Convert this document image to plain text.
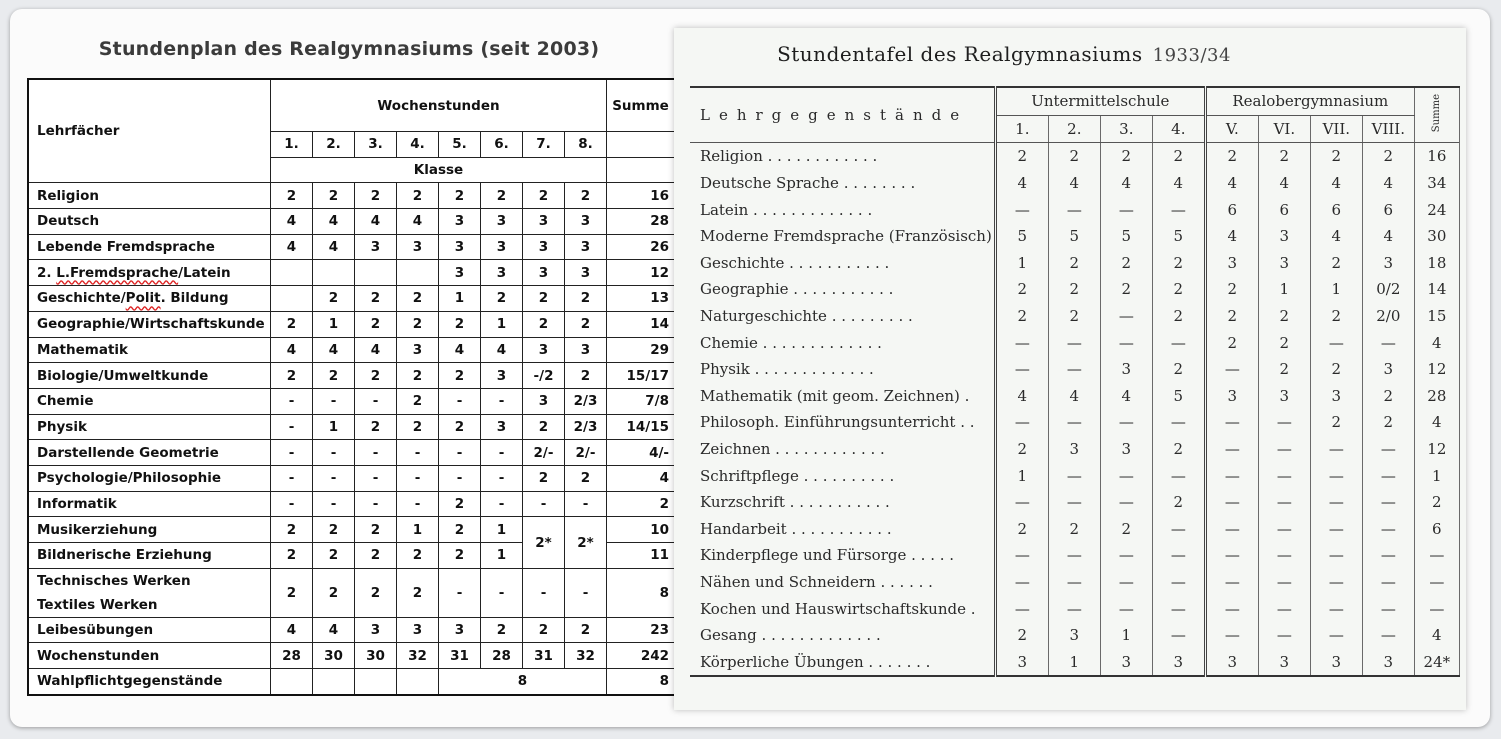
Stundenplan des Realgymnasiums (seit 2003)
Lehrfächer	Wochenstunden								Summe
	1.	2.	3.	4.	5.	6.	7.	8.	
	Klasse								
Religion	2	2	2	2	2	2	2	2	16
Deutsch	4	4	4	4	3	3	3	3	28
Lebende Fremdsprache	4	4	3	3	3	3	3	3	26
2. L.Fremdsprache/Latein					3	3	3	3	12
Geschichte/Polit. Bildung		2	2	2	1	2	2	2	13
Geographie/Wirtschaftskunde	2	1	2	2	2	1	2	2	14
Mathematik	4	4	4	3	4	4	3	3	29
Biologie/Umweltkunde	2	2	2	2	2	3	-/2	2	15/17
Chemie	-	-	-	2	-	-	3	2/3	7/8
Physik	-	1	2	2	2	3	2	2/3	14/15
Darstellende Geometrie	-	-	-	-	-	-	2/-	2/-	4/-
Psychologie/Philosophie	-	-	-	-	-	-	2	2	4
Informatik	-	-	-	-	2	-	-	-	2
Musikerziehung	2	2	2	1	2	1	2*	2*	10
Bildnerische Erziehung	2	2	2	2	2	1			11

Technisches Werken
Textiles Werken	2	2	2	2	-	-	-	-	8
Leibesübungen	4	4	3	3	3	2	2	2	23
Wochenstunden	28	30	30	32	31	28	31	32	242
Wahlpflichtgegenstände					8				8
Stundentafel des Realgymnasiums 1933/34
Lehrgegenstände	Untermittelschule				Realobergymnasium				Summe
	1.	2.	3.	4.	V.	VI.	VII.	VIII.	
Religion . . . . . . . . . . . .	2	2	2	2	2	2	2	2	16
Deutsche Sprache . . . . . . . .	4	4	4	4	4	4	4	4	34
Latein . . . . . . . . . . . . .	—	—	—	—	6	6	6	6	24
Moderne Fremdsprache (Französisch)	5	5	5	5	4	3	4	4	30
Geschichte . . . . . . . . . . .	1	2	2	2	3	3	2	3	18
Geographie . . . . . . . . . . .	2	2	2	2	2	1	1	0/2	14
Naturgeschichte . . . . . . . . .	2	2	—	2	2	2	2	2/0	15
Chemie . . . . . . . . . . . . .	—	—	—	—	2	2	—	—	4
Physik . . . . . . . . . . . . .	—	—	3	2	—	2	2	3	12
Mathematik (mit geom. Zeichnen) .	4	4	4	5	3	3	3	2	28
Philosoph. Einführungsunterricht . .	—	—	—	—	—	—	2	2	4
Zeichnen . . . . . . . . . . . .	2	3	3	2	—	—	—	—	12
Schriftpflege . . . . . . . . . .	1	—	—	—	—	—	—	—	1
Kurzschrift . . . . . . . . . . .	—	—	—	2	—	—	—	—	2
Handarbeit . . . . . . . . . . .	2	2	2	—	—	—	—	—	6
Kinderpflege und Fürsorge . . . . .	—	—	—	—	—	—	—	—	—
Nähen und Schneidern . . . . . .	—	—	—	—	—	—	—	—	—
Kochen und Hauswirtschaftskunde .	—	—	—	—	—	—	—	—	—
Gesang . . . . . . . . . . . . .	2	3	1	—	—	—	—	—	4
Körperliche Übungen . . . . . . .	3	1	3	3	3	3	3	3	24*
